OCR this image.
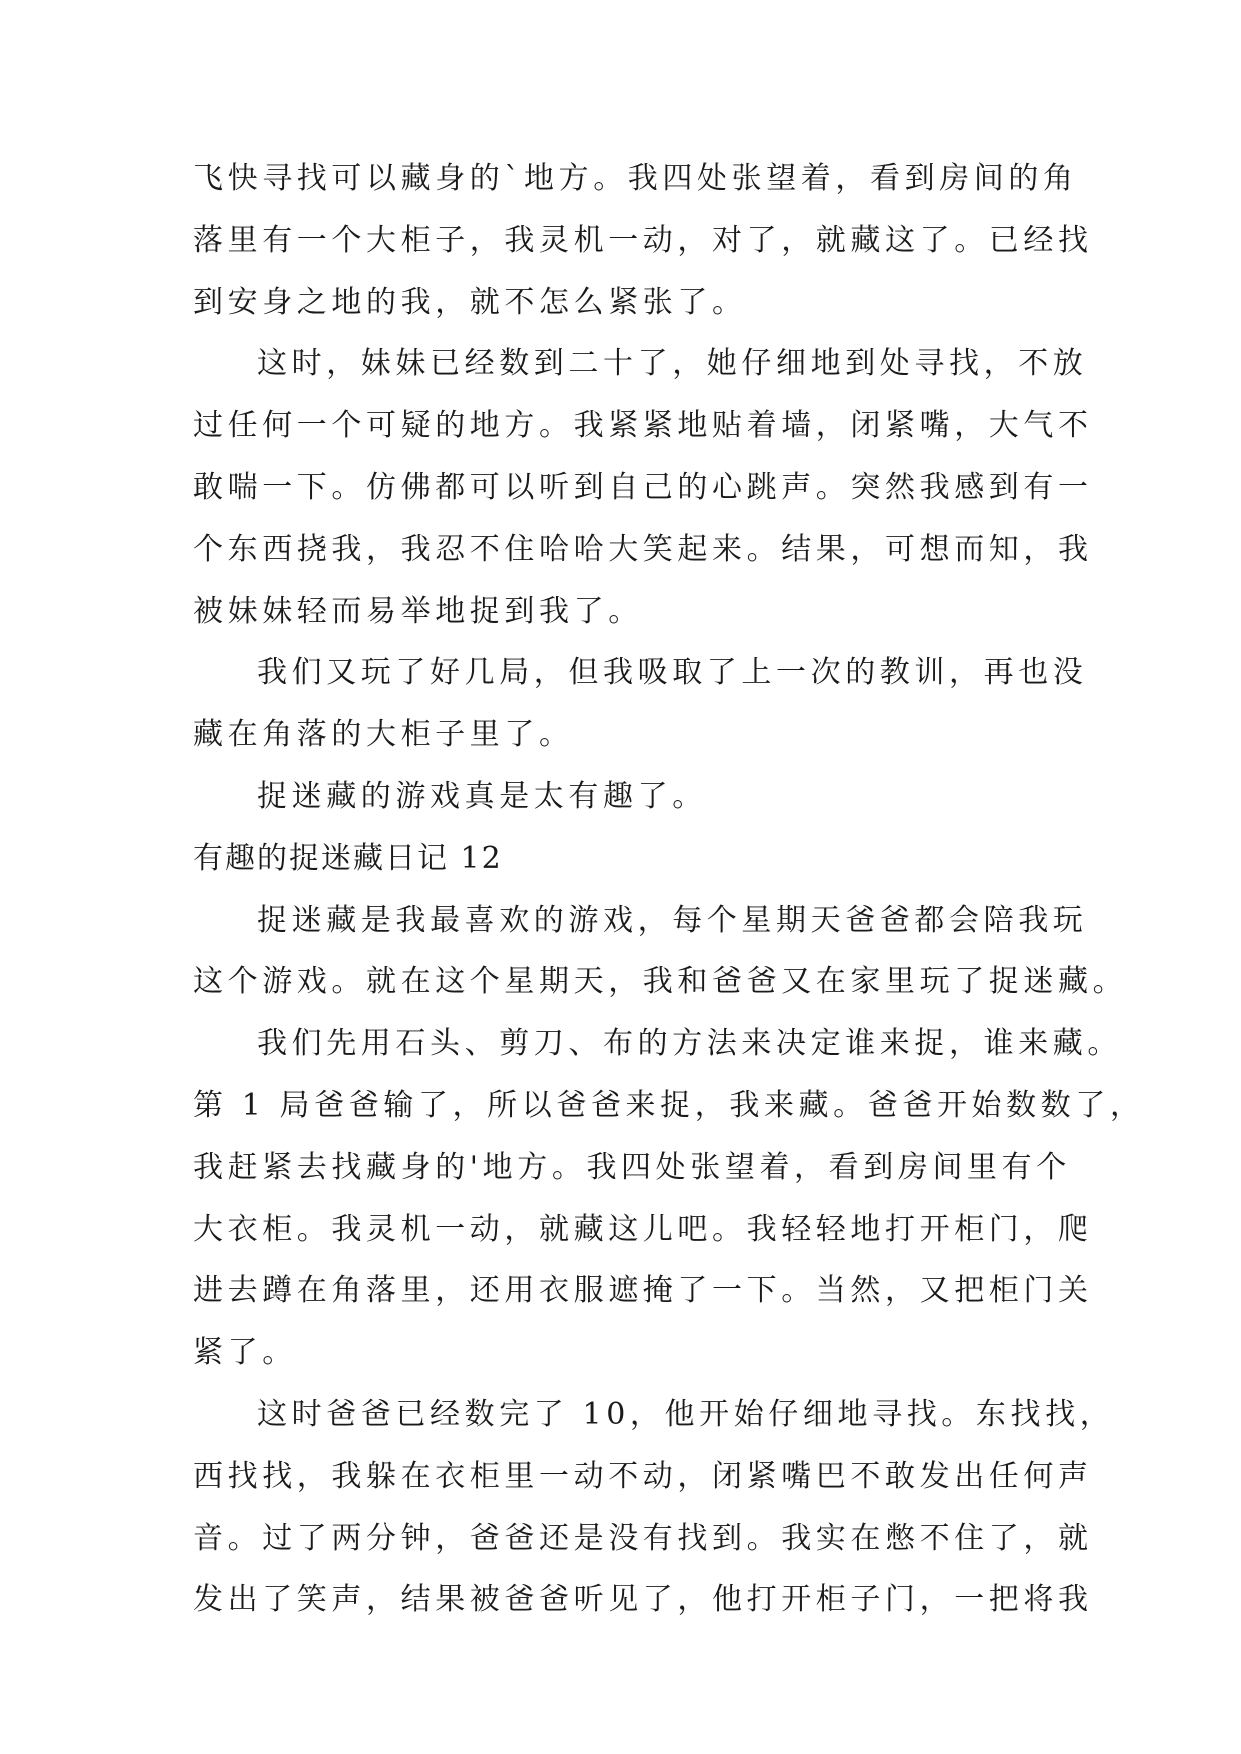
飞快寻找可以藏身的`地方。我四处张望着，看到房间的角
落里有一个大柜子，我灵机一动，对了，就藏这了。已经找
到安身之地的我，就不怎么紧张了。
这时，妹妹已经数到二十了，她仔细地到处寻找，不放
过任何一个可疑的地方。我紧紧地贴着墙，闭紧嘴，大气不
敢喘一下。仿佛都可以听到自己的心跳声。突然我感到有一
个东西挠我，我忍不住哈哈大笑起来。结果，可想而知，我
被妹妹轻而易举地捉到我了。
我们又玩了好几局，但我吸取了上一次的教训，再也没
藏在角落的大柜子里了。
捉迷藏的游戏真是太有趣了。
有趣的捉迷藏日记 12
捉迷藏是我最喜欢的游戏，每个星期天爸爸都会陪我玩
这个游戏。就在这个星期天，我和爸爸又在家里玩了捉迷藏。
我们先用石头、剪刀、布的方法来决定谁来捉，谁来藏。
第 1 局爸爸输了，所以爸爸来捉，我来藏。爸爸开始数数了，
我赶紧去找藏身的'地方。我四处张望着，看到房间里有个
大衣柜。我灵机一动，就藏这儿吧。我轻轻地打开柜门，爬
进去蹲在角落里，还用衣服遮掩了一下。当然，又把柜门关
紧了。
这时爸爸已经数完了 10，他开始仔细地寻找。东找找，
西找找，我躲在衣柜里一动不动，闭紧嘴巴不敢发出任何声
音。过了两分钟，爸爸还是没有找到。我实在憋不住了，就
发出了笑声，结果被爸爸听见了，他打开柜子门，一把将我
